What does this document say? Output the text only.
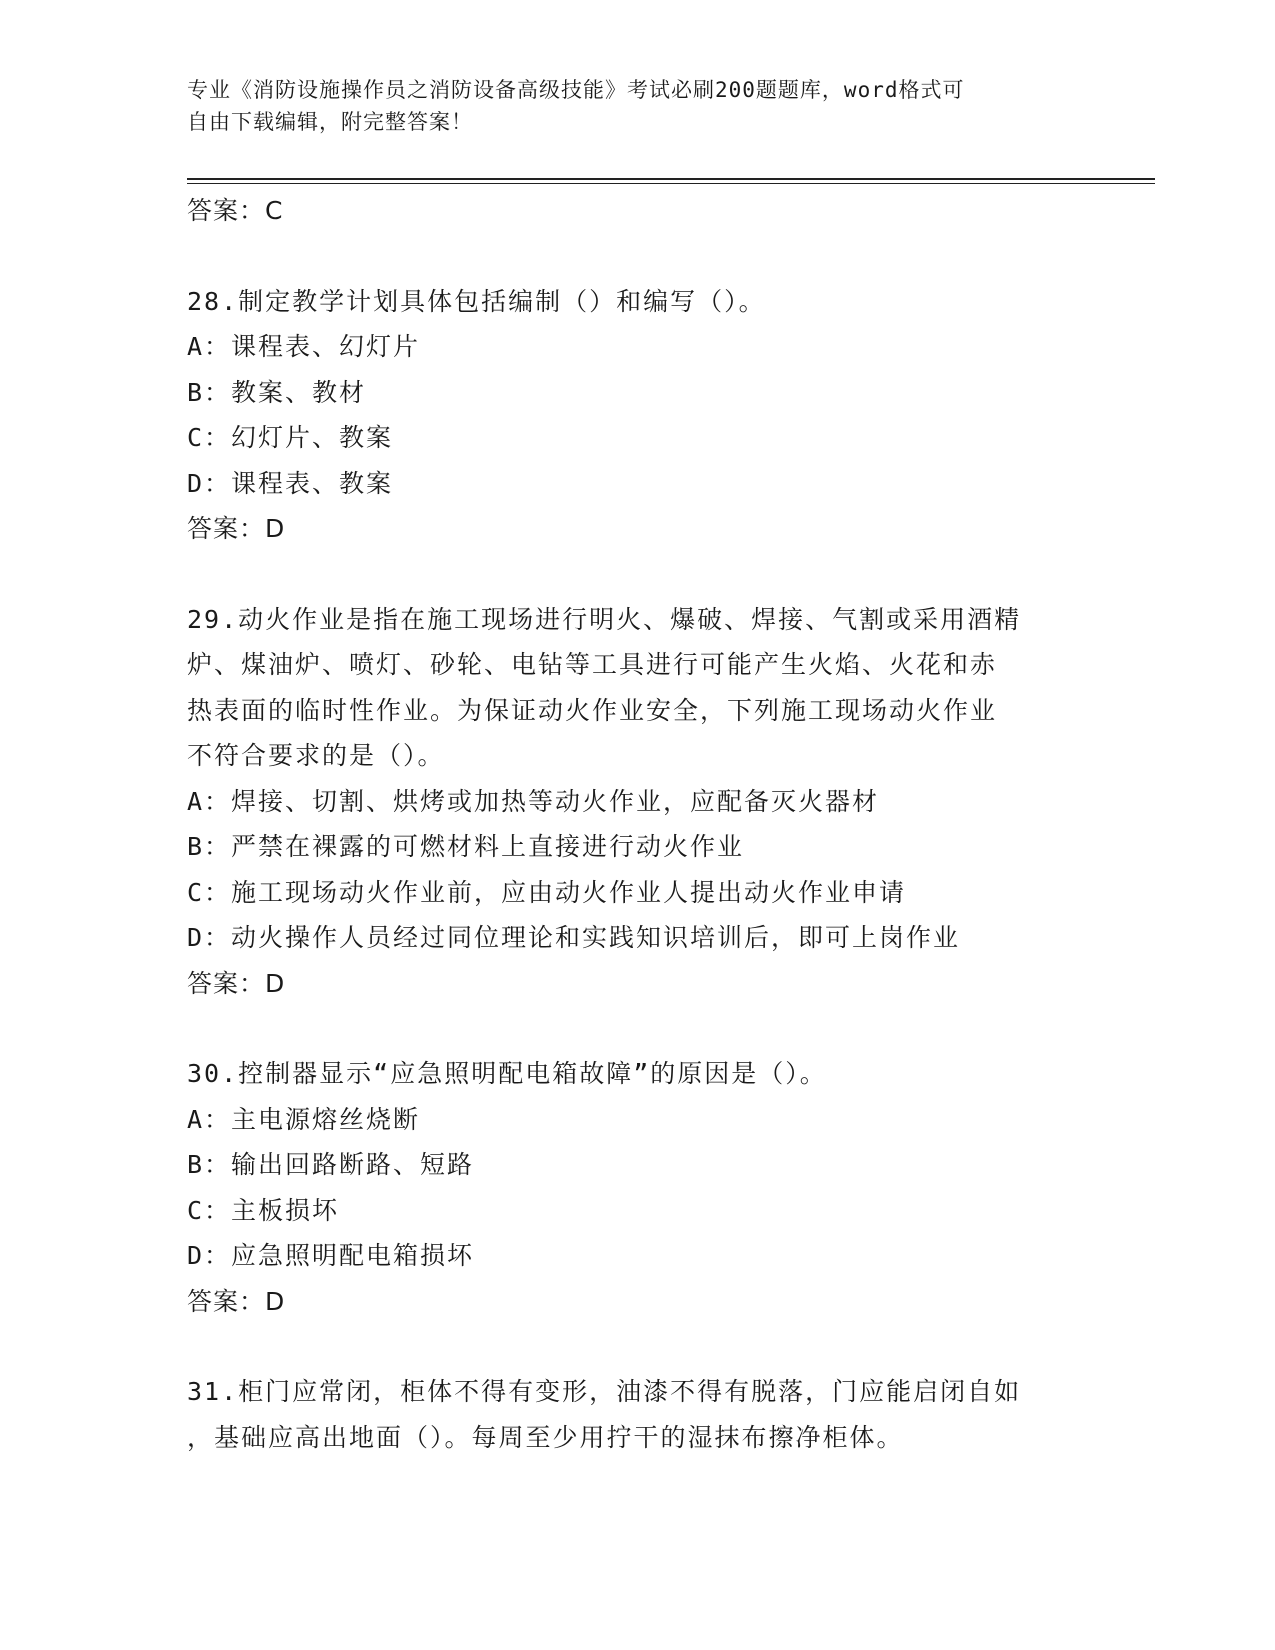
专业《消防设施操作员之消防设备高级技能》考试必刷200题题库，word格式可
自由下载编辑，附完整答案！
答案：C
28.制定教学计划具体包括编制（）和编写（）。
A：课程表、幻灯片
B：教案、教材
C：幻灯片、教案
D：课程表、教案
答案：D
29.动火作业是指在施工现场进行明火、爆破、焊接、气割或采用酒精
炉、煤油炉、喷灯、砂轮、电钻等工具进行可能产生火焰、火花和赤
热表面的临时性作业。为保证动火作业安全，下列施工现场动火作业
不符合要求的是（）。
A：焊接、切割、烘烤或加热等动火作业，应配备灭火器材
B：严禁在裸露的可燃材料上直接进行动火作业
C：施工现场动火作业前，应由动火作业人提出动火作业申请
D：动火操作人员经过同位理论和实践知识培训后，即可上岗作业
答案：D
30.控制器显示“应急照明配电箱故障”的原因是（）。
A：主电源熔丝烧断
B：输出回路断路、短路
C：主板损坏
D：应急照明配电箱损坏
答案：D
31.柜门应常闭，柜体不得有变形，油漆不得有脱落，门应能启闭自如
，基础应高出地面（）。每周至少用拧干的湿抹布擦净柜体。
